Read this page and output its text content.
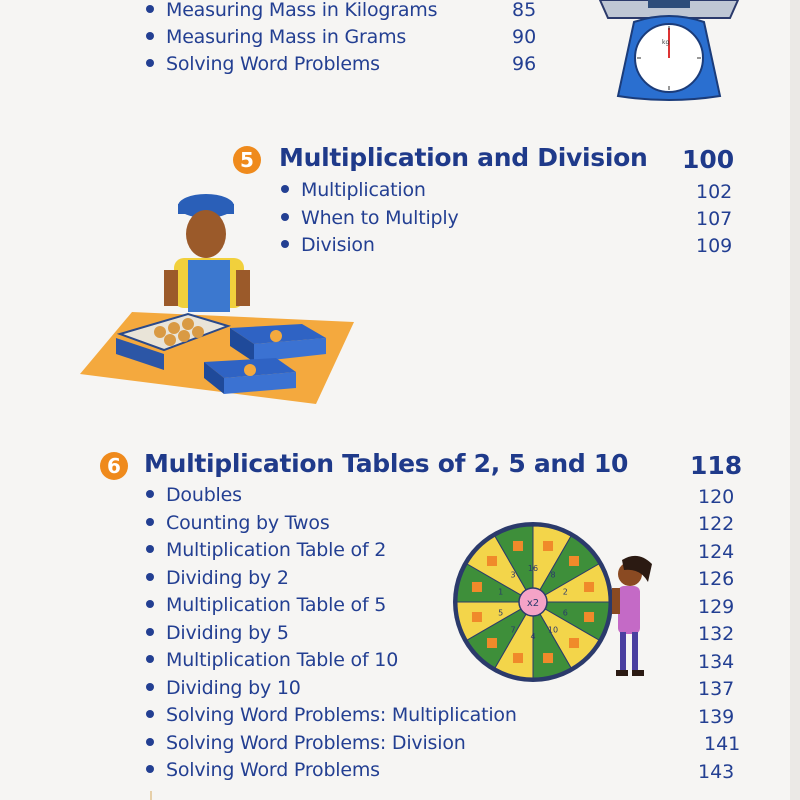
Measuring Mass in Kilograms	85
Measuring Mass in Grams	90
Solving Word Problems	96
kg
5 Multiplication and Division 100
Multiplication	102
When to Multiply	107
Division	109
6 Multiplication Tables of 2, 5 and 10 118
Doubles	120
Counting by Twos	122
Multiplication Table of 2	124
Dividing by 2	126
Multiplication Table of 5	129
Dividing by 5	132
Multiplication Table of 10	134
Dividing by 10	137
Solving Word Problems: Multiplication	139
Solving Word Problems: Division	141
Solving Word Problems	143
x2
16
8
2
6
10
4
7
5
1
3
